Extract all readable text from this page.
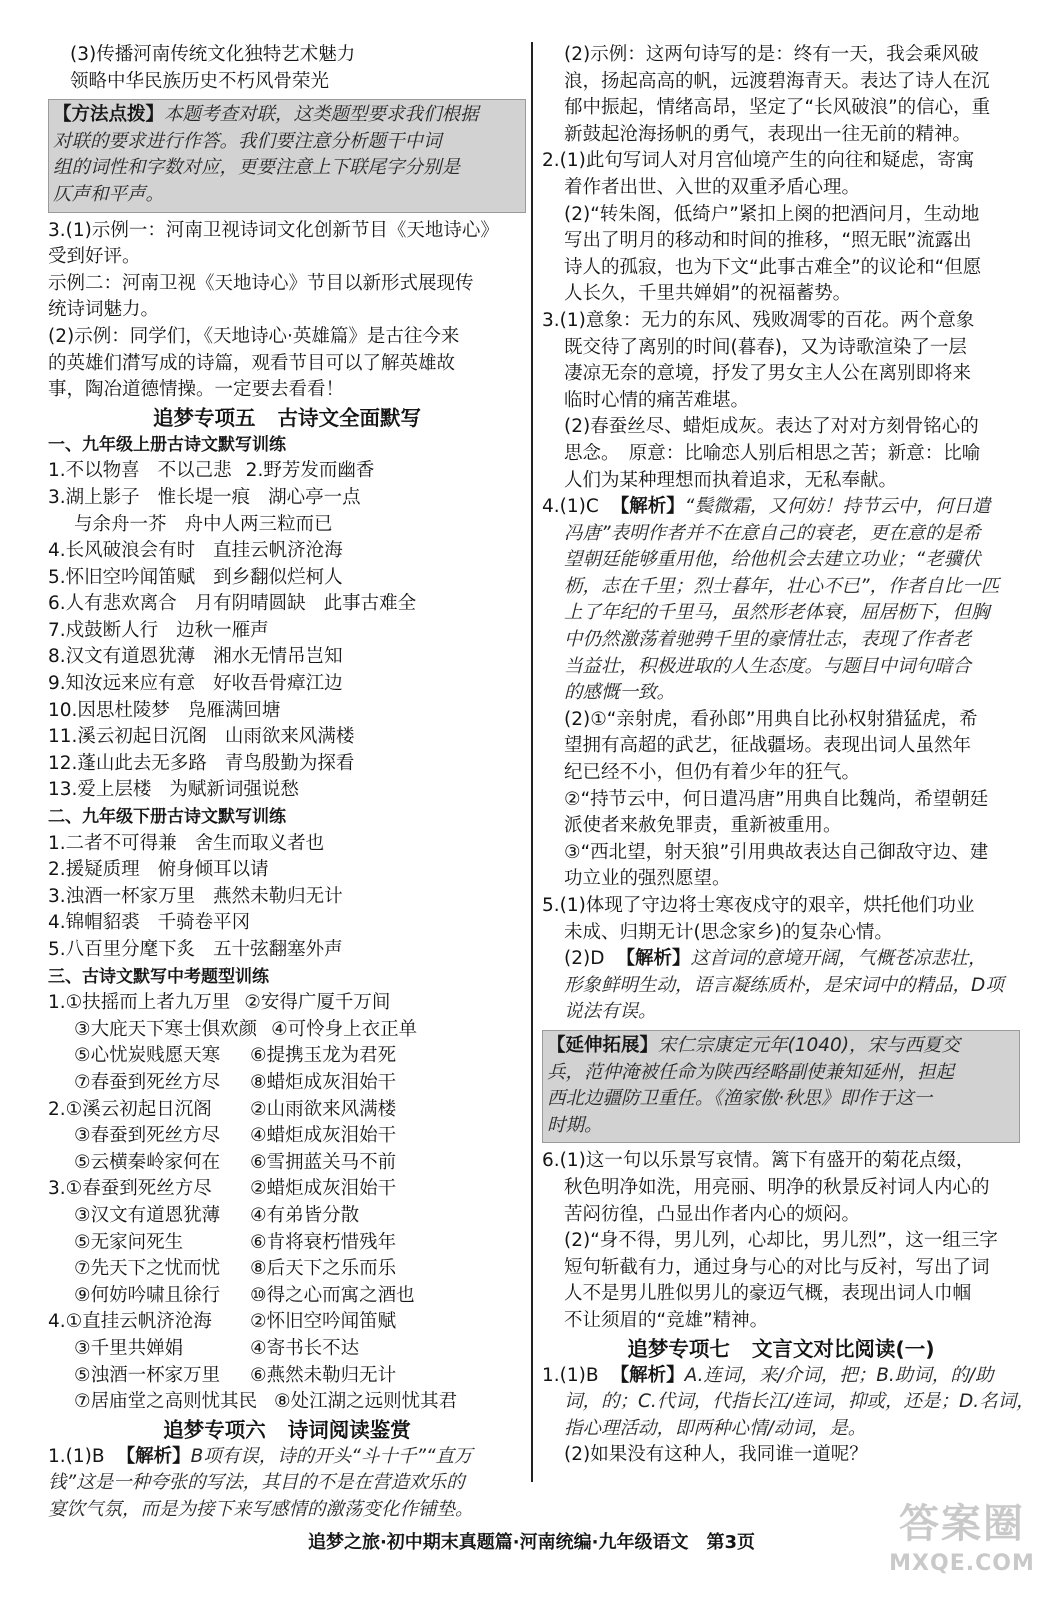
(3)传播河南传统文化独特艺术魅力
领略中华民族历史不朽风骨荣光
【方法点拨】本题考查对联，这类题型要求我们根据
对联的要求进行作答。我们要注意分析题干中词
组的词性和字数对应，更要注意上下联尾字分别是
仄声和平声。
3.(1)示例一：河南卫视诗词文化创新节目《天地诗心》
受到好评。
示例二：河南卫视《天地诗心》节目以新形式展现传
统诗词魅力。
(2)示例：同学们，《天地诗心·英雄篇》是古往今来
的英雄们潸写成的诗篇，观看节目可以了解英雄故
事，陶冶道德情操。一定要去看看！
追梦专项五 古诗文全面默写
一、九年级上册古诗文默写训练
1.不以物喜 不以己悲 2.野芳发而幽香
3.湖上影子 惟长堤一痕 湖心亭一点
与余舟一芥 舟中人两三粒而已
4.长风破浪会有时 直挂云帆济沧海
5.怀旧空吟闻笛赋 到乡翻似烂柯人
6.人有悲欢离合 月有阴晴圆缺 此事古难全
7.戍鼓断人行 边秋一雁声
8.汉文有道恩犹薄 湘水无情吊岂知
9.知汝远来应有意 好收吾骨瘴江边
10.因思杜陵梦 凫雁满回塘
11.溪云初起日沉阁 山雨欲来风满楼
12.蓬山此去无多路 青鸟殷勤为探看
13.爱上层楼 为赋新词强说愁
二、九年级下册古诗文默写训练
1.二者不可得兼 舍生而取义者也
2.援疑质理 俯身倾耳以请
3.浊酒一杯家万里 燕然未勒归无计
4.锦帽貂裘 千骑卷平冈
5.八百里分麾下炙 五十弦翻塞外声
三、古诗文默写中考题型训练
1.①扶摇而上者九万里 ②安得广厦千万间
③大庇天下寒士俱欢颜 ④可怜身上衣正单
⑤心忧炭贱愿天寒 ⑥提携玉龙为君死
⑦春蚕到死丝方尽 ⑧蜡炬成灰泪始干
2.①溪云初起日沉阁 ②山雨欲来风满楼
③春蚕到死丝方尽 ④蜡炬成灰泪始干
⑤云横秦岭家何在 ⑥雪拥蓝关马不前
3.①春蚕到死丝方尽 ②蜡炬成灰泪始干
③汉文有道恩犹薄 ④有弟皆分散
⑤无家问死生	⑥肯将衰朽惜残年
⑦先天下之忧而忧 ⑧后天下之乐而乐
⑨何妨吟啸且徐行 ⑩得之心而寓之酒也
4.①直挂云帆济沧海 ②怀旧空吟闻笛赋
③千里共婵娟	④寄书长不达
⑤浊酒一杯家万里 ⑥燕然未勒归无计
⑦居庙堂之高则忧其民 ⑧处江湖之远则忧其君
追梦专项六 诗词阅读鉴赏
1.(1)B 【解析】B项有误，诗的开头“斗十千”“直万
钱”这是一种夸张的写法，其目的不是在营造欢乐的
宴饮气氛，而是为接下来写感情的激荡变化作铺垫。
(2)示例：这两句诗写的是：终有一天，我会乘风破
浪，扬起高高的帆，远渡碧海青天。表达了诗人在沉
郁中振起，情绪高昂，坚定了“长风破浪”的信心，重
新鼓起沧海扬帆的勇气，表现出一往无前的精神。
2.(1)此句写词人对月宫仙境产生的向往和疑虑，寄寓
着作者出世、入世的双重矛盾心理。
(2)“转朱阁，低绮户”紧扣上阕的把酒问月，生动地
写出了明月的移动和时间的推移，“照无眠”流露出
诗人的孤寂，也为下文“此事古难全”的议论和“但愿
人长久，千里共婵娟”的祝福蓄势。
3.(1)意象：无力的东风、残败凋零的百花。两个意象
既交待了离别的时间(暮春)，又为诗歌渲染了一层
凄凉无奈的意境，抒发了男女主人公在离别即将来
临时心情的痛苦难堪。
(2)春蚕丝尽、蜡炬成灰。表达了对对方刻骨铭心的
思念。　原意：比喻恋人别后相思之苦；新意：比喻
人们为某种理想而执着追求，无私奉献。
4.(1)C 【解析】“鬓微霜，又何妨！持节云中，何日遣
冯唐”表明作者并不在意自己的衰老，更在意的是希
望朝廷能够重用他，给他机会去建立功业；“老骥伏
枥，志在千里；烈士暮年，壮心不已”，作者自比一匹
上了年纪的千里马，虽然形老体衰，屈居枥下，但胸
中仍然激荡着驰骋千里的豪情壮志，表现了作者老
当益壮，积极进取的人生态度。与题目中词句暗合
的感慨一致。
(2)①“亲射虎，看孙郎”用典自比孙权射猎猛虎，希
望拥有高超的武艺，征战疆场。表现出词人虽然年
纪已经不小，但仍有着少年的狂气。
②“持节云中，何日遣冯唐”用典自比魏尚，希望朝廷
派使者来赦免罪责，重新被重用。
③“西北望，射天狼”引用典故表达自己御敌守边、建
功立业的强烈愿望。
5.(1)体现了守边将士寒夜戍守的艰辛，烘托他们功业
未成、归期无计(思念家乡)的复杂心情。
(2)D 【解析】这首词的意境开阔，气概苍凉悲壮，
形象鲜明生动，语言凝练质朴，是宋词中的精品，D项
说法有误。
【延伸拓展】宋仁宗康定元年(1040)，宋与西夏交
兵，范仲淹被任命为陕西经略副使兼知延州，担起
西北边疆防卫重任。《渔家傲·秋思》即作于这一
时期。
6.(1)这一句以乐景写哀情。篱下有盛开的菊花点缀，
秋色明净如洗，用亮丽、明净的秋景反衬词人内心的
苦闷彷徨，凸显出作者内心的烦闷。
(2)“身不得，男儿列，心却比，男儿烈”，这一组三字
短句斩截有力，通过身与心的对比与反衬，写出了词
人不是男儿胜似男儿的豪迈气概，表现出词人巾帼
不让须眉的“竞雄”精神。
追梦专项七 文言文对比阅读(一)
1.(1)B 【解析】A.连词，来/介词，把；B.助词，的/助
词，的；C.代词，代指长江/连词，抑或，还是；D.名词，
指心理活动，即两种心情/动词，是。
(2)如果没有这种人，我同谁一道呢？
追梦之旅·初中期末真题篇·河南统编·九年级语文　第3页	答案圈
MXQE.COM
